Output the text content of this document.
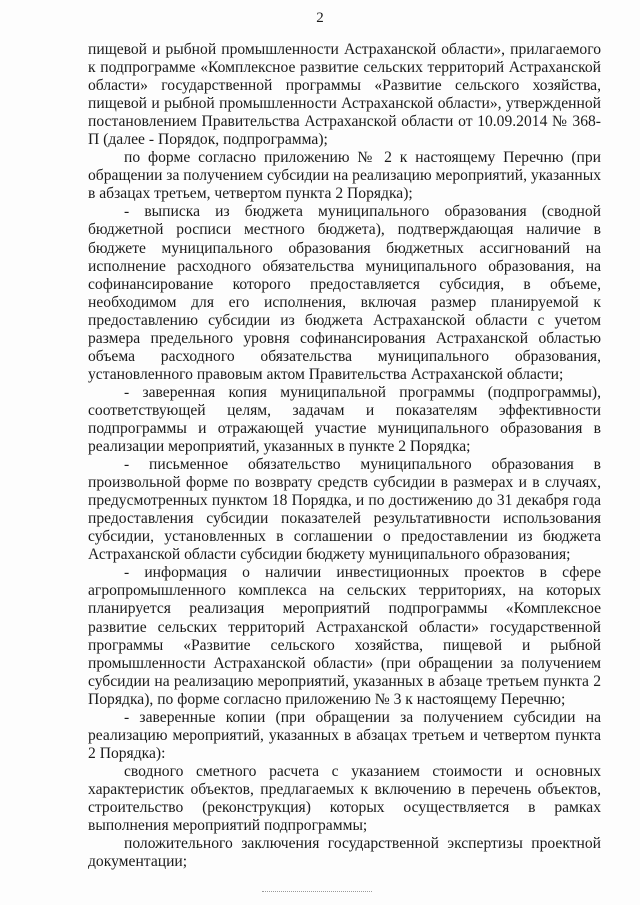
2

пищевой и рыбной промышленности Астраханской области», прилагаемого к подпрограмме «Комплексное развитие сельских территорий Астраханской области» государственной программы «Развитие сельского хозяйства, пищевой и рыбной промышленности Астраханской области», утвержденной постановлением Правительства Астраханской области от 10.09.2014 № 368-П (далее - Порядок, подпрограмма);

по форме согласно приложению № 2 к настоящему Перечню (при обращении за получением субсидии на реализацию мероприятий, указанных в абзацах третьем, четвертом пункта 2 Порядка);

- выписка из бюджета муниципального образования (сводной бюджетной росписи местного бюджета), подтверждающая наличие в бюджете муниципального образования бюджетных ассигнований на исполнение расходного обязательства муниципального образования, на софинансирование которого предоставляется субсидия, в объеме, необходимом для его исполнения, включая размер планируемой к предоставлению субсидии из бюджета Астраханской области с учетом размера предельного уровня софинансирования Астраханской областью объема расходного обязательства муниципального образования, установленного правовым актом Правительства Астраханской области;

- заверенная копия муниципальной программы (подпрограммы), соответствующей целям, задачам и показателям эффективности подпрограммы и отражающей участие муниципального образования в реализации мероприятий, указанных в пункте 2 Порядка;

- письменное обязательство муниципального образования в произвольной форме по возврату средств субсидии в размерах и в случаях, предусмотренных пунктом 18 Порядка, и по достижению до 31 декабря года предоставления субсидии показателей результативности использования субсидии, установленных в соглашении о предоставлении из бюджета Астраханской области субсидии бюджету муниципального образования;

- информация о наличии инвестиционных проектов в сфере агропромышленного комплекса на сельских территориях, на которых планируется реализация мероприятий подпрограммы «Комплексное развитие сельских территорий Астраханской области» государственной программы «Развитие сельского хозяйства, пищевой и рыбной промышленности Астраханской области» (при обращении за получением субсидии на реализацию мероприятий, указанных в абзаце третьем пункта 2 Порядка), по форме согласно приложению № 3 к настоящему Перечню;

- заверенные копии (при обращении за получением субсидии на реализацию мероприятий, указанных в абзацах третьем и четвертом пункта 2 Порядка):

сводного сметного расчета с указанием стоимости и основных характеристик объектов, предлагаемых к включению в перечень объектов, строительство (реконструкция) которых осуществляется в рамках выполнения мероприятий подпрограммы;

положительного заключения государственной экспертизы проектной документации;
